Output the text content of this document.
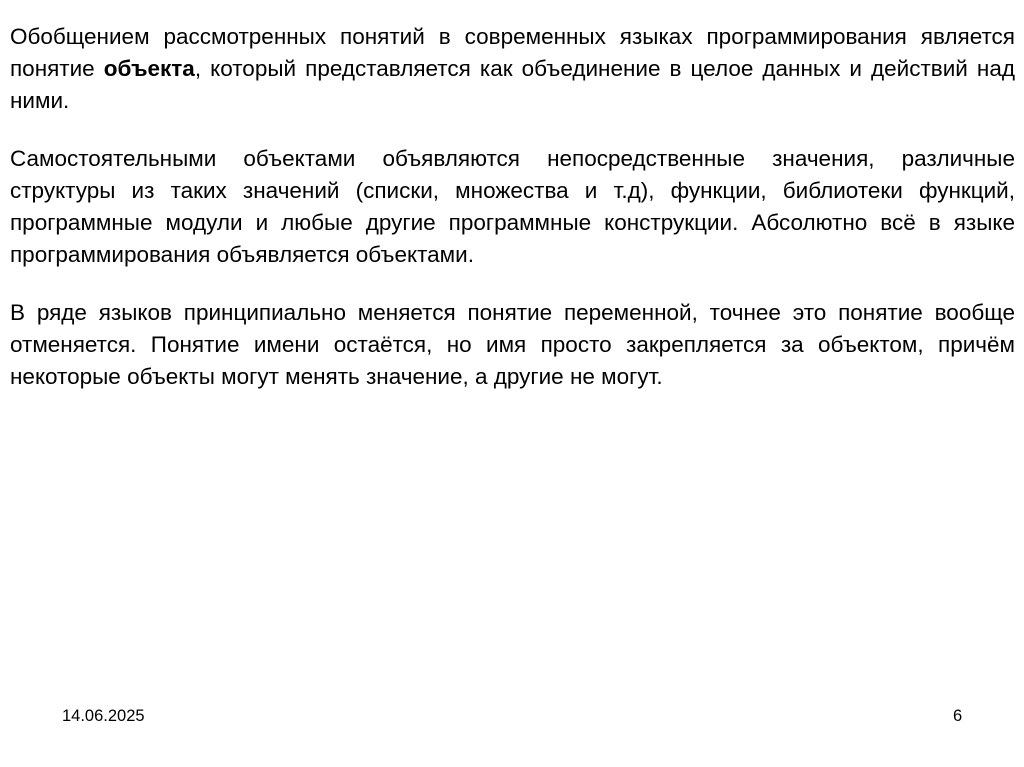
Обобщением рассмотренных понятий в современных языках программирования является понятие объекта, который представляется как объединение в целое данных и действий над ними.

Самостоятельными объектами объявляются непосредственные значения, различные структуры из таких значений (списки, множества и т.д), функции, библиотеки функций, программные модули и любые другие программные конструкции. Абсолютно всё в языке программирования объявляется объектами.

В ряде языков принципиально меняется понятие переменной, точнее это понятие вообще отменяется. Понятие имени остаётся, но имя просто закрепляется за объектом, причём некоторые объекты могут менять значение, а другие не могут.

14.06.2025	6
